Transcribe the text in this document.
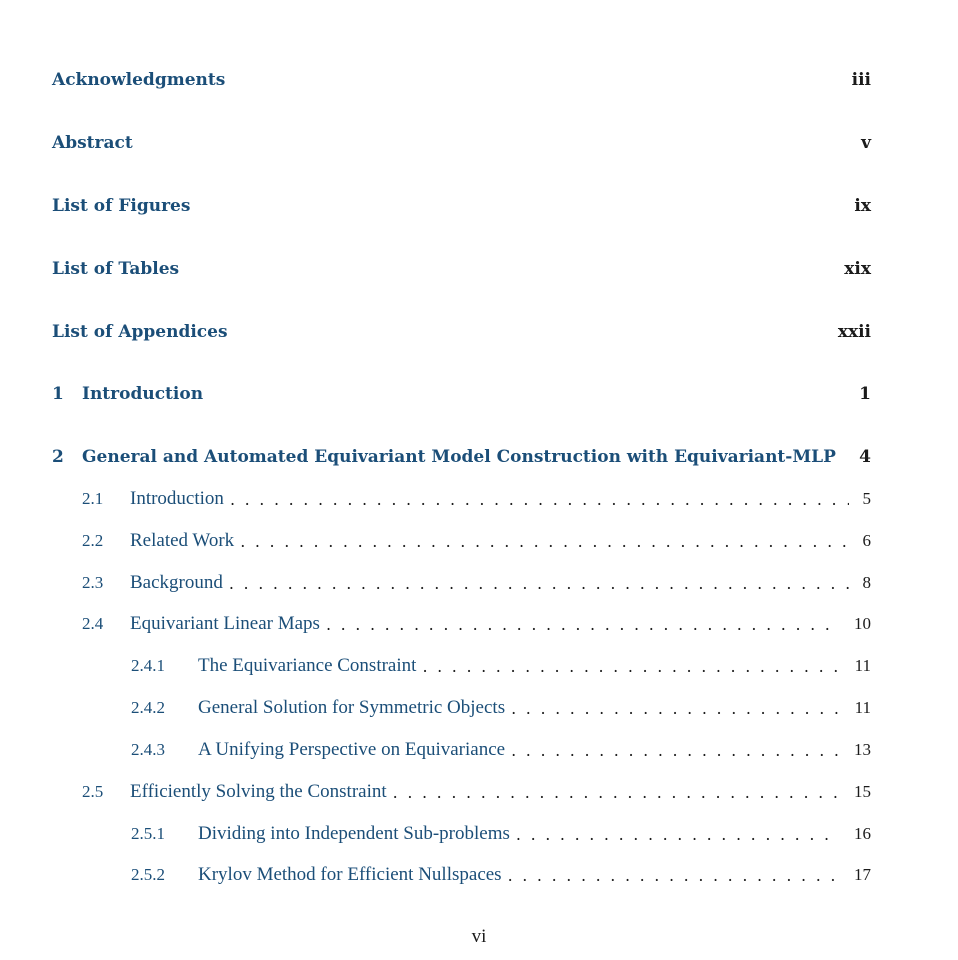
Acknowledgments	iii
Abstract	v
List of Figures	ix
List of Tables	xix
List of Appendices	xxii
1	Introduction	1
2	General and Automated Equivariant Model Construction with Equivariant-MLP 4
2.1	Introduction . . .	5
2.2	Related Work . . .	6
2.3	Background . . .	8
2.4	Equivariant Linear Maps . . .	10
2.4.1	The Equivariance Constraint . . .	11
2.4.2	General Solution for Symmetric Objects . . .	11
2.4.3	A Unifying Perspective on Equivariance . . .	13
2.5	Efficiently Solving the Constraint . . .	15
2.5.1	Dividing into Independent Sub-problems . . .	16
2.5.2	Krylov Method for Efficient Nullspaces . . .	17
vi
